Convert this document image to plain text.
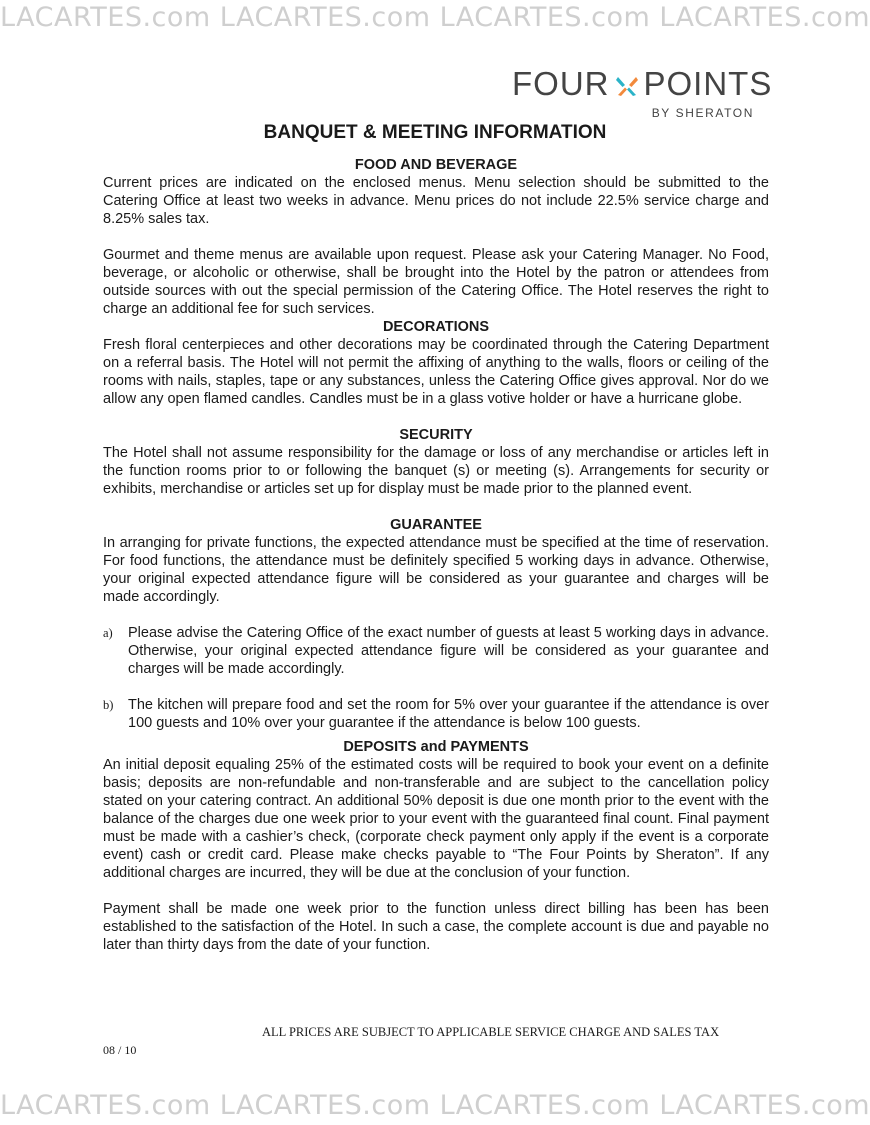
LACARTES.com LACARTES.com LACARTES.com LACARTES.com
FOUR POINTS
BY SHERATON
BANQUET & MEETING INFORMATION
FOOD AND BEVERAGE

Current prices are indicated on the enclosed menus. Menu selection should be submitted to the Catering Office at least two weeks in advance. Menu prices do not include 22.5% service charge and 8.25% sales tax.

Gourmet and theme menus are available upon request. Please ask your Catering Manager. No Food, beverage, or alcoholic or otherwise, shall be brought into the Hotel by the patron or attendees from outside sources with out the special permission of the Catering Office. The Hotel reserves the right to charge an additional fee for such services.

DECORATIONS

Fresh floral centerpieces and other decorations may be coordinated through the Catering Department on a referral basis. The Hotel will not permit the affixing of anything to the walls, floors or ceiling of the rooms with nails, staples, tape or any substances, unless the Catering Office gives approval. Nor do we allow any open flamed candles. Candles must be in a glass votive holder or have a hurricane globe.

SECURITY

The Hotel shall not assume responsibility for the damage or loss of any merchandise or articles left in the function rooms prior to or following the banquet (s) or meeting (s). Arrangements for security or exhibits, merchandise or articles set up for display must be made prior to the planned event.

GUARANTEE

In arranging for private functions, the expected attendance must be specified at the time of reservation. For food functions, the attendance must be definitely specified 5 working days in advance. Otherwise, your original expected attendance figure will be considered as your guarantee and charges will be made accordingly.

a)	Please advise the Catering Office of the exact number of guests at least 5 working days in advance. Otherwise, your original expected attendance figure will be considered as your guarantee and charges will be made accordingly.
b)	The kitchen will prepare food and set the room for 5% over your guarantee if the attendance is over 100 guests and 10% over your guarantee if the attendance is below 100 guests.
DEPOSITS and PAYMENTS

An initial deposit equaling 25% of the estimated costs will be required to book your event on a definite basis; deposits are non-refundable and non-transferable and are subject to the cancellation policy stated on your catering contract. An additional 50% deposit is due one month prior to the event with the balance of the charges due one week prior to your event with the guaranteed final count. Final payment must be made with a cashier’s check, (corporate check payment only apply if the event is a corporate event) cash or credit card. Please make checks payable to “The Four Points by Sheraton”. If any additional charges are incurred, they will be due at the conclusion of your function.

Payment shall be made one week prior to the function unless direct billing has been has been established to the satisfaction of the Hotel. In such a case, the complete account is due and payable no later than thirty days from the date of your function.

ALL PRICES ARE SUBJECT TO APPLICABLE SERVICE CHARGE AND SALES TAX
08 / 10
LACARTES.com LACARTES.com LACARTES.com LACARTES.com
